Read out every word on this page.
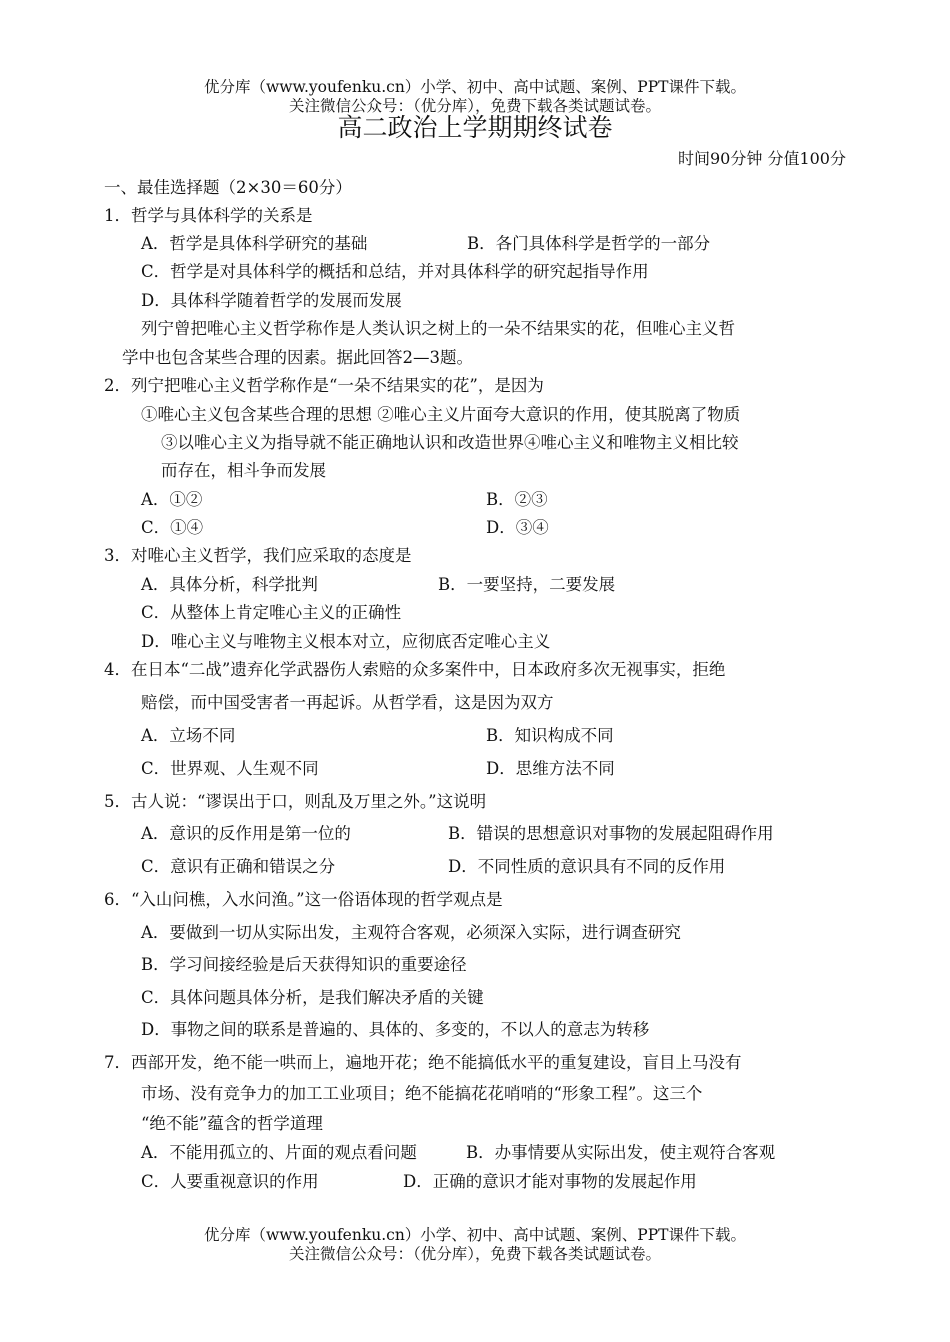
优分库（www.youfenku.cn）小学、初中、高中试题、案例、PPT课件下载。
关注微信公众号：（优分库），免费下载各类试题试卷。
高二政治上学期期终试卷
时间90分钟 分值100分
一、最佳选择题（2×30＝60分）
1．哲学与具体科学的关系是
A．哲学是具体科学研究的基础	B．各门具体科学是哲学的一部分
C．哲学是对具体科学的概括和总结，并对具体科学的研究起指导作用
D．具体科学随着哲学的发展而发展
列宁曾把唯心主义哲学称作是人类认识之树上的一朵不结果实的花，但唯心主义哲
学中也包含某些合理的因素。据此回答2—3题。
2．列宁把唯心主义哲学称作是“一朵不结果实的花”，是因为
①唯心主义包含某些合理的思想 ②唯心主义片面夸大意识的作用，使其脱离了物质
③以唯心主义为指导就不能正确地认识和改造世界④唯心主义和唯物主义相比较
而存在，相斗争而发展
A．①②	B．②③
C．①④	D．③④
3．对唯心主义哲学，我们应采取的态度是
A．具体分析，科学批判	B．一要坚持，二要发展
C．从整体上肯定唯心主义的正确性
D．唯心主义与唯物主义根本对立，应彻底否定唯心主义
4．在日本“二战”遗弃化学武器伤人索赔的众多案件中，日本政府多次无视事实，拒绝
赔偿，而中国受害者一再起诉。从哲学看，这是因为双方
A．立场不同	B．知识构成不同
C．世界观、人生观不同	D．思维方法不同
5．古人说：“谬误出于口，则乱及万里之外。”这说明
A．意识的反作用是第一位的	B．错误的思想意识对事物的发展起阻碍作用
C．意识有正确和错误之分	D．不同性质的意识具有不同的反作用
6．“入山问樵，入水问渔。”这一俗语体现的哲学观点是
A．要做到一切从实际出发，主观符合客观，必须深入实际，进行调查研究
B．学习间接经验是后天获得知识的重要途径
C．具体问题具体分析，是我们解决矛盾的关键
D．事物之间的联系是普遍的、具体的、多变的，不以人的意志为转移
7．西部开发，绝不能一哄而上，遍地开花；绝不能搞低水平的重复建设，盲目上马没有
市场、没有竞争力的加工工业项目；绝不能搞花花哨哨的“形象工程”。这三个
“绝不能”蕴含的哲学道理
A．不能用孤立的、片面的观点看问题	B．办事情要从实际出发，使主观符合客观
C．人要重视意识的作用	D．正确的意识才能对事物的发展起作用
优分库（www.youfenku.cn）小学、初中、高中试题、案例、PPT课件下载。
关注微信公众号：（优分库），免费下载各类试题试卷。
